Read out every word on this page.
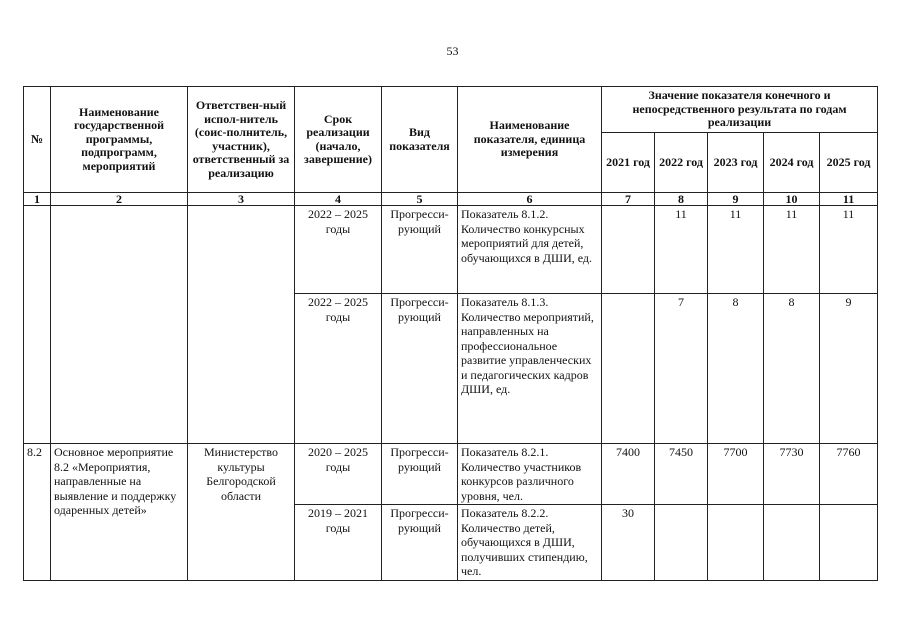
53
№	Наименование государственной программы, подпрограмм, мероприятий	Ответствен-ный испол-нитель (соис-полнитель, участник), ответственный за реализацию	Срок реализации (начало, завершение)	Вид показателя	Наименование показателя, единица измерения	Значение показателя конечного и непосредственного результата по годам реализации				
						2021 год	2022 год	2023 год	2024 год	2025 год
1	2	3	4	5	6	7	8	9	10	11
			2022 – 2025 годы	Прогресси-рующий	Показатель 8.1.2. Количество конкурсных мероприятий для детей, обучающихся в ДШИ, ед.		11	11	11	11
			2022 – 2025 годы	Прогресси-рующий	Показатель 8.1.3. Количество мероприятий, направленных на профессиональное развитие управленческих и педагогических кадров ДШИ, ед.		7	8	8	9
8.2	Основное мероприятие 8.2 «Мероприятия, направленные на выявление и поддержку одаренных детей»	Министерство культуры Белгородской области	2020 – 2025 годы	Прогресси-рующий	Показатель 8.2.1. Количество участников конкурсов различного уровня, чел.	7400	7450	7700	7730	7760
			2019 – 2021 годы	Прогресси-рующий	Показатель 8.2.2. Количество детей, обучающихся в ДШИ, получивших стипендию, чел.	30				
